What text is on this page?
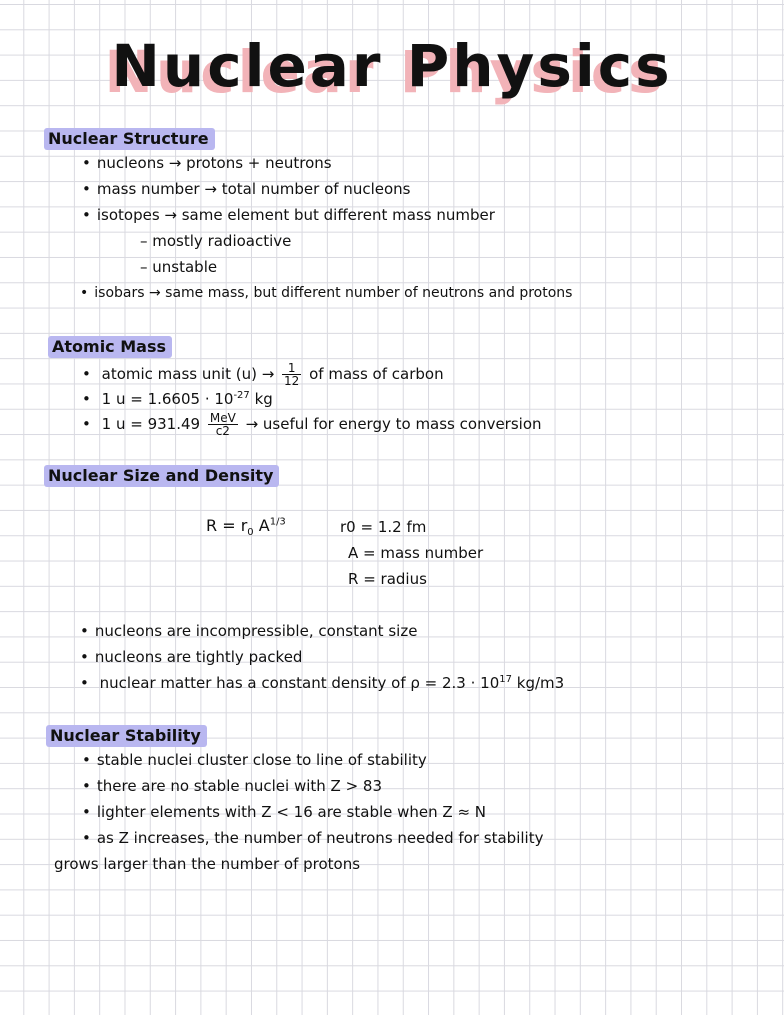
Nuclear Physics
Nuclear Structure
• nucleons → protons + neutrons
• mass number → total number of nucleons
• isotopes → same element but different mass number
– mostly radioactive
– unstable
• isobars → same mass, but different number of neutrons and protons
Atomic Mass
• atomic mass unit $(u) \to \frac{1}{12}$ of mass of carbon
• 1 $u = 1.6605 \cdot 10^{-27}$ kg
• 1 $u = 931.49 \frac{\text{MeV}}{c2}$ → useful for energy to mass conversion
Nuclear Size and Density
$R = r_0$ $A^{1/3}$	r0 = 1.2 fm
A = mass number
R = radius
• nucleons are incompressible, constant size
• nucleons are tightly packed
• nuclear matter has a constant density of $\rho = 2.3 \cdot 10^{17}$ kg/m3
Nuclear Stability
• stable nuclei cluster close to line of stability
• there are no stable nuclei with Z > 83
• lighter elements with Z < 16 are stable when Z ≈ N
• as Z increases, the number of neutrons needed for stability
grows larger than the number of protons
